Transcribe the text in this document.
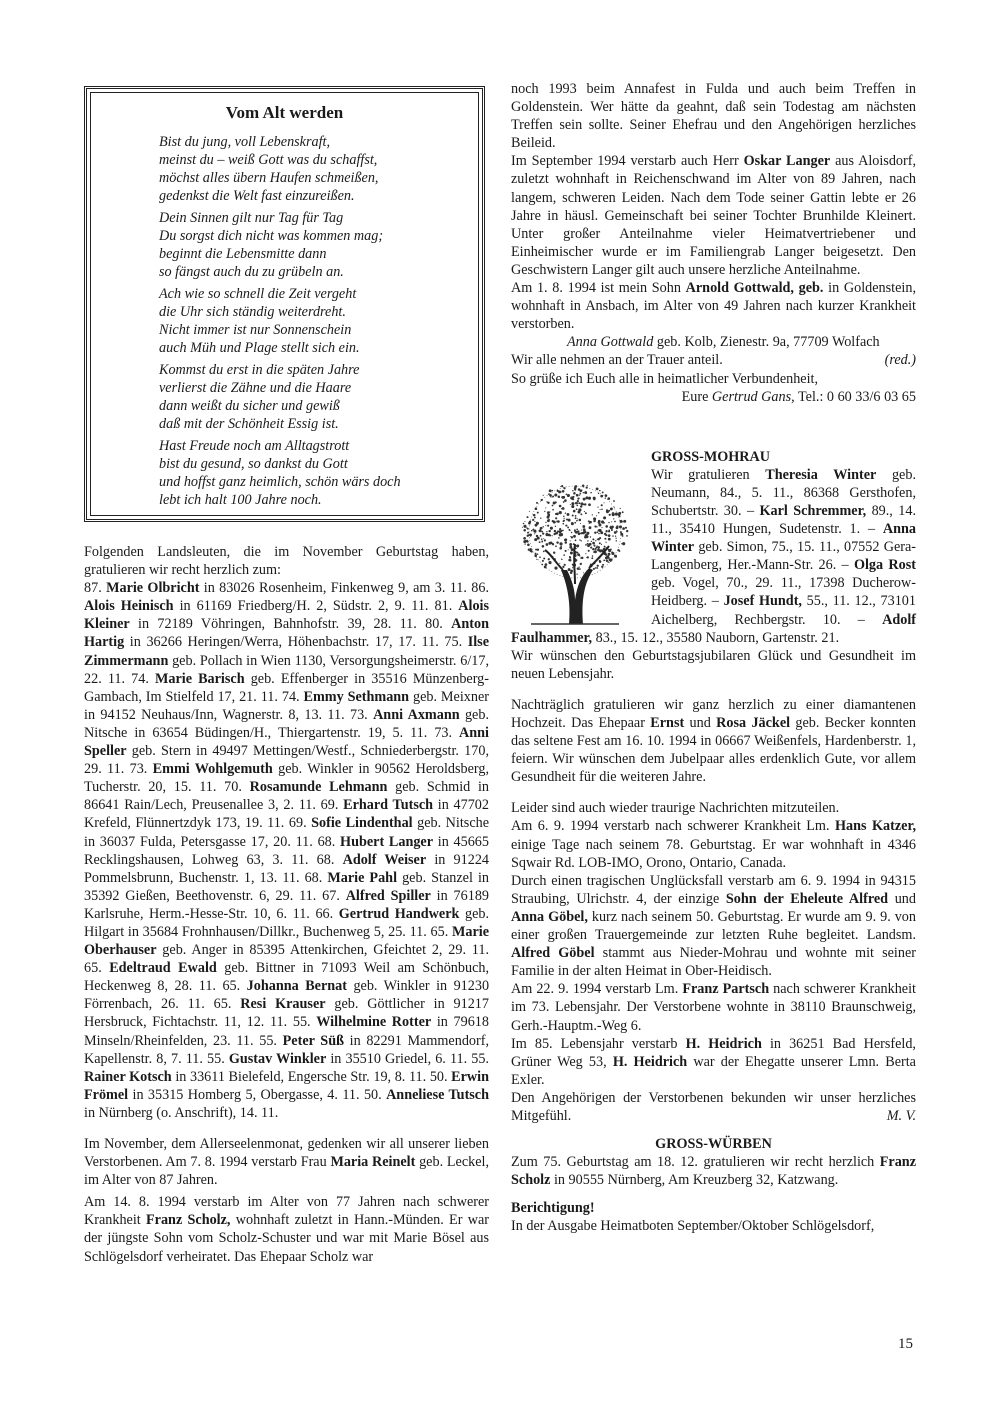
Vom Alt werden
Bist du jung, voll Lebenskraft,
meinst du – weiß Gott was du schaffst,
möchst alles übern Haufen schmeißen,
gedenkst die Welt fast einzureißen.
Dein Sinnen gilt nur Tag für Tag
Du sorgst dich nicht was kommen mag;
beginnt die Lebensmitte dann
so fängst auch du zu grübeln an.
Ach wie so schnell die Zeit vergeht
die Uhr sich ständig weiterdreht.
Nicht immer ist nur Sonnenschein
auch Müh und Plage stellt sich ein.
Kommst du erst in die späten Jahre
verlierst die Zähne und die Haare
dann weißt du sicher und gewiß
daß mit der Schönheit Essig ist.
Hast Freude noch am Alltagstrott
bist du gesund, so dankst du Gott
und hoffst ganz heimlich, schön wärs doch
lebt ich halt 100 Jahre noch.

Folgenden Landsleuten, die im November Geburtstag haben, gratulieren wir recht herzlich zum:

87. Marie Olbricht in 83026 Rosenheim, Finkenweg 9, am 3. 11. 86. Alois Heinisch in 61169 Friedberg/H. 2, Südstr. 2, 9. 11. 81. Alois Kleiner in 72189 Vöhringen, Bahnhofstr. 39, 28. 11. 80. Anton Hartig in 36266 Heringen/Werra, Höhenbachstr. 17, 17. 11. 75. Ilse Zimmermann geb. Pollach in Wien 1130, Versorgungsheimerstr. 6/17, 22. 11. 74. Marie Barisch geb. Effenberger in 35516 Münzenberg-Gambach, Im Stielfeld 17, 21. 11. 74. Emmy Sethmann geb. Meixner in 94152 Neuhaus/Inn, Wagnerstr. 8, 13. 11. 73. Anni Axmann geb. Nitsche in 63654 Büdingen/H., Thiergartenstr. 19, 5. 11. 73. Anni Speller geb. Stern in 49497 Mettingen/Westf., Schniederbergstr. 170, 29. 11. 73. Emmi Wohlgemuth geb. Winkler in 90562 Heroldsberg, Tucherstr. 20, 15. 11. 70. Rosamunde Lehmann geb. Schmid in 86641 Rain/Lech, Preusenallee 3, 2. 11. 69. Erhard Tutsch in 47702 Krefeld, Flünnertzdyk 173, 19. 11. 69. Sofie Lindenthal geb. Nitsche in 36037 Fulda, Petersgasse 17, 20. 11. 68. Hubert Langer in 45665 Recklingshausen, Lohweg 63, 3. 11. 68. Adolf Weiser in 91224 Pommelsbrunn, Buchenstr. 1, 13. 11. 68. Marie Pahl geb. Stanzel in 35392 Gießen, Beethovenstr. 6, 29. 11. 67. Alfred Spiller in 76189 Karlsruhe, Herm.-Hesse-Str. 10, 6. 11. 66. Gertrud Handwerk geb. Hilgart in 35684 Frohnhausen/Dillkr., Buchenweg 5, 25. 11. 65. Marie Oberhauser geb. Anger in 85395 Attenkirchen, Gfeichtet 2, 29. 11. 65. Edeltraud Ewald geb. Bittner in 71093 Weil am Schönbuch, Heckenweg 8, 28. 11. 65. Johanna Bernat geb. Winkler in 91230 Förrenbach, 26. 11. 65. Resi Krauser geb. Göttlicher in 91217 Hersbruck, Fichtachstr. 11, 12. 11. 55. Wilhelmine Rotter in 79618 Minseln/Rheinfelden, 23. 11. 55. Peter Süß in 82291 Mammendorf, Kapellenstr. 8, 7. 11. 55. Gustav Winkler in 35510 Griedel, 6. 11. 55. Rainer Kotsch in 33611 Bielefeld, Engersche Str. 19, 8. 11. 50. Erwin Frömel in 35315 Homberg 5, Obergasse, 4. 11. 50. Anneliese Tutsch in Nürnberg (o. Anschrift), 14. 11.

Im November, dem Allerseelenmonat, gedenken wir all unserer lieben Verstorbenen. Am 7. 8. 1994 verstarb Frau Maria Reinelt geb. Leckel, im Alter von 87 Jahren.

Am 14. 8. 1994 verstarb im Alter von 77 Jahren nach schwerer Krankheit Franz Scholz, wohnhaft zuletzt in Hann.-Münden. Er war der jüngste Sohn vom Scholz-Schuster und war mit Marie Bösel aus Schlögelsdorf verheiratet. Das Ehepaar Scholz war

noch 1993 beim Annafest in Fulda und auch beim Treffen in Goldenstein. Wer hätte da geahnt, daß sein Todestag am nächsten Treffen sein sollte. Seiner Ehefrau und den Angehörigen herzliches Beileid.

Im September 1994 verstarb auch Herr Oskar Langer aus Aloisdorf, zuletzt wohnhaft in Reichenschwand im Alter von 89 Jahren, nach langem, schweren Leiden. Nach dem Tode seiner Gattin lebte er 26 Jahre in häusl. Gemeinschaft bei seiner Tochter Brunhilde Kleinert. Unter großer Anteilnahme vieler Heimatvertriebener und Einheimischer wurde er im Familiengrab Langer beigesetzt. Den Geschwistern Langer gilt auch unsere herzliche Anteilnahme.

Am 1. 8. 1994 ist mein Sohn Arnold Gottwald, geb. in Goldenstein, wohnhaft in Ansbach, im Alter von 49 Jahren nach kurzer Krankheit verstorben.

Anna Gottwald geb. Kolb, Zienestr. 9a, 77709 Wolfach

Wir alle nehmen an der Trauer anteil.	(red.)

So grüße ich Euch alle in heimatlicher Verbundenheit,

Eure Gertrud Gans, Tel.: 0 60 33/6 03 65

GROSS-MOHRAU

Wir gratulieren Theresia Winter geb. Neumann, 84., 5. 11., 86368 Gersthofen, Schubertstr. 30. – Karl Schremmer, 89., 14. 11., 35410 Hungen, Sudetenstr. 1. – Anna Winter geb. Simon, 75., 15. 11., 07552 Gera-Langenberg, Her.-Mann-Str. 26. – Olga Rost geb. Vogel, 70., 29. 11., 17398 Ducherow-Heidberg. – Josef Hundt, 55., 11. 12., 73101 Aichelberg, Rechbergstr. 10. – Adolf Faulhammer, 83., 15. 12., 35580 Nauborn, Gartenstr. 21.

Wir wünschen den Geburtstagsjubilaren Glück und Gesundheit im neuen Lebensjahr.

Nachträglich gratulieren wir ganz herzlich zu einer diamantenen Hochzeit. Das Ehepaar Ernst und Rosa Jäckel geb. Becker konnten das seltene Fest am 16. 10. 1994 in 06667 Weißenfels, Hardenberstr. 1, feiern. Wir wünschen dem Jubelpaar alles erdenklich Gute, vor allem Gesundheit für die weiteren Jahre.

Leider sind auch wieder traurige Nachrichten mitzuteilen.

Am 6. 9. 1994 verstarb nach schwerer Krankheit Lm. Hans Katzer, einige Tage nach seinem 78. Geburtstag. Er war wohnhaft in 4346 Sqwair Rd. LOB-IMO, Orono, Ontario, Canada.

Durch einen tragischen Unglücksfall verstarb am 6. 9. 1994 in 94315 Straubing, Ulrichstr. 4, der einzige Sohn der Eheleute Alfred und Anna Göbel, kurz nach seinem 50. Geburtstag. Er wurde am 9. 9. von einer großen Trauergemeinde zur letzten Ruhe begleitet. Landsm. Alfred Göbel stammt aus Nieder-Mohrau und wohnte mit seiner Familie in der alten Heimat in Ober-Heidisch.

Am 22. 9. 1994 verstarb Lm. Franz Partsch nach schwerer Krankheit im 73. Lebensjahr. Der Verstorbene wohnte in 38110 Braunschweig, Gerh.-Hauptm.-Weg 6.

Im 85. Lebensjahr verstarb H. Heidrich in 36251 Bad Hersfeld, Grüner Weg 53, H. Heidrich war der Ehegatte unserer Lmn. Berta Exler.

Den Angehörigen der Verstorbenen bekunden wir unser herzliches Mitgefühl.	M. V.

GROSS-WÜRBEN

Zum 75. Geburtstag am 18. 12. gratulieren wir recht herzlich Franz Scholz in 90555 Nürnberg, Am Kreuzberg 32, Katzwang.

Berichtigung!

In der Ausgabe Heimatboten September/Oktober Schlögelsdorf,

15
